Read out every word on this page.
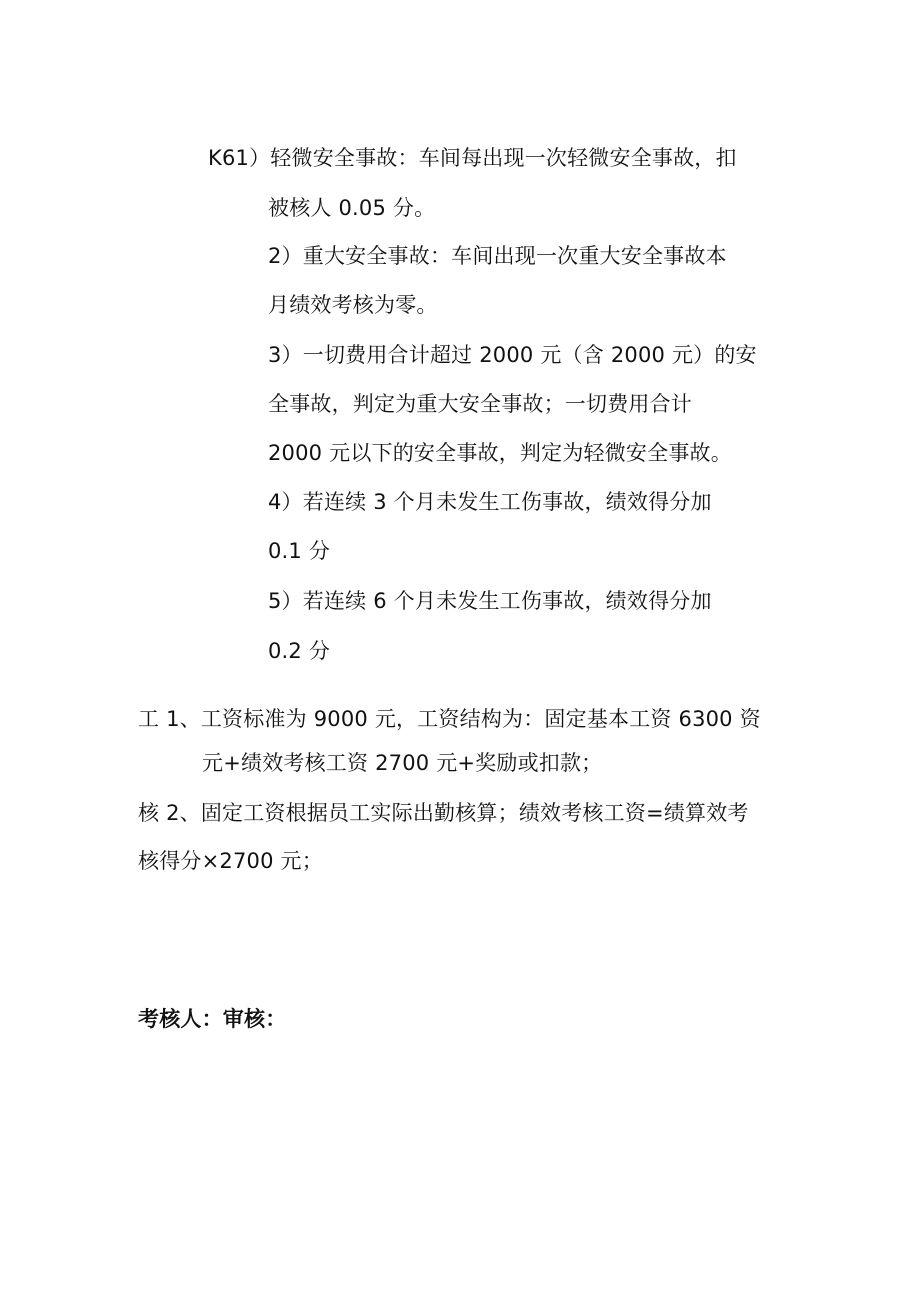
K61）轻微安全事故：车间每出现一次轻微安全事故，扣
被核人 0.05 分。
2）重大安全事故：车间出现一次重大安全事故本
月绩效考核为零。
3）一切费用合计超过 2000 元（含 2000 元）的安
全事故，判定为重大安全事故；一切费用合计
2000 元以下的安全事故，判定为轻微安全事故。
4）若连续 3 个月未发生工伤事故，绩效得分加
0.1 分
5）若连续 6 个月未发生工伤事故，绩效得分加
0.2 分
工 1、工资标准为 9000 元，工资结构为：固定基本工资 6300 资
元+绩效考核工资 2700 元+奖励或扣款；
核 2、固定工资根据员工实际出勤核算；绩效考核工资=绩算效考
核得分×2700 元；
考核人：审核：
